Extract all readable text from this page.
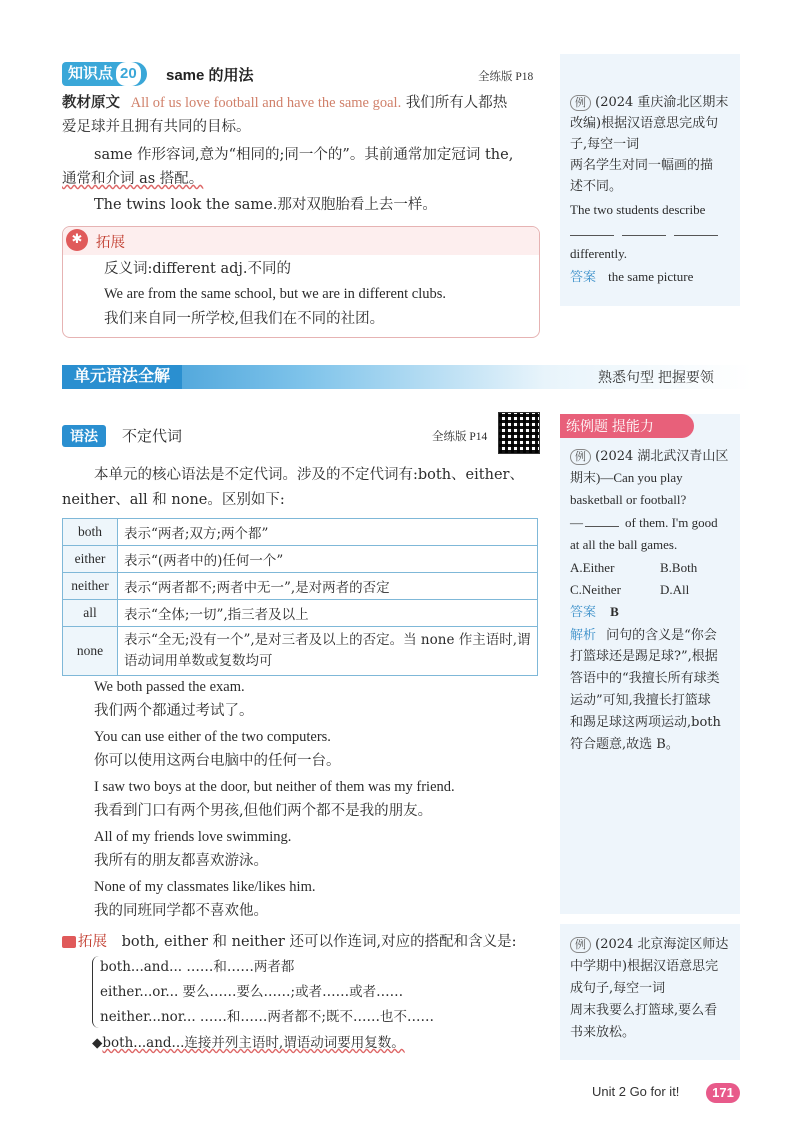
知识点 20	same 的用法	全练版 P18
教材原文 All of us love football and have the same goal. 我们所有人都热
爱足球并且拥有共同的目标。
same 作形容词,意为“相同的;同一个的”。其前通常加定冠词 the,
通常和介词 as 搭配。
The twins look the same.那对双胞胎看上去一样。
✱ 拓展
反义词:different adj.不同的
We are from the same school, but we are in different clubs.
我们来自同一所学校,但我们在不同的社团。
例 (2024 重庆渝北区期末
改编)根据汉语意思完成句
子,每空一词
两名学生对同一幅画的描
述不同。
The two students describe
differently.
答案 the same picture
单元语法全解	熟悉句型 把握要领
语法	不定代词	全练版 P14
本单元的核心语法是不定代词。涉及的不定代词有:both、either、
neither、all 和 none。区别如下:
both	表示“两者;双方;两个都”
either	表示“(两者中的)任何一个”
neither	表示“两者都不;两者中无一”,是对两者的否定
all	表示“全体;一切”,指三者及以上
none	表示“全无;没有一个”,是对三者及以上的否定。当 none 作主语时,谓语动词用单数或复数均可
We both passed the exam.
我们两个都通过考试了。
You can use either of the two computers.
你可以使用这两台电脑中的任何一台。
I saw two boys at the door, but neither of them was my friend.
我看到门口有两个男孩,但他们两个都不是我的朋友。
All of my friends love swimming.
我所有的朋友都喜欢游泳。
None of my classmates like/likes him.
我的同班同学都不喜欢他。
拓展 both, either 和 neither 还可以作连词,对应的搭配和含义是:
both...and... ……和……两者都
either...or... 要么……要么……;或者……或者……
neither...nor... ……和……两者都不;既不……也不……
◆both...and...连接并列主语时,谓语动词要用复数。
练例题 提能力
例 (2024 湖北武汉青山区
期末)—Can you play
basketball or football?
—	of them. I'm good
at all the ball games.
A.Either	B.Both
C.Neither	D.All
答案 B
解析 问句的含义是“你会
打篮球还是踢足球?”,根据
答语中的“我擅长所有球类
运动”可知,我擅长打篮球
和踢足球这两项运动,both
符合题意,故选 B。
例 (2024 北京海淀区师达
中学期中)根据汉语意思完
成句子,每空一词
周末我要么打篮球,要么看
书来放松。
Unit 2 Go for it!	171
